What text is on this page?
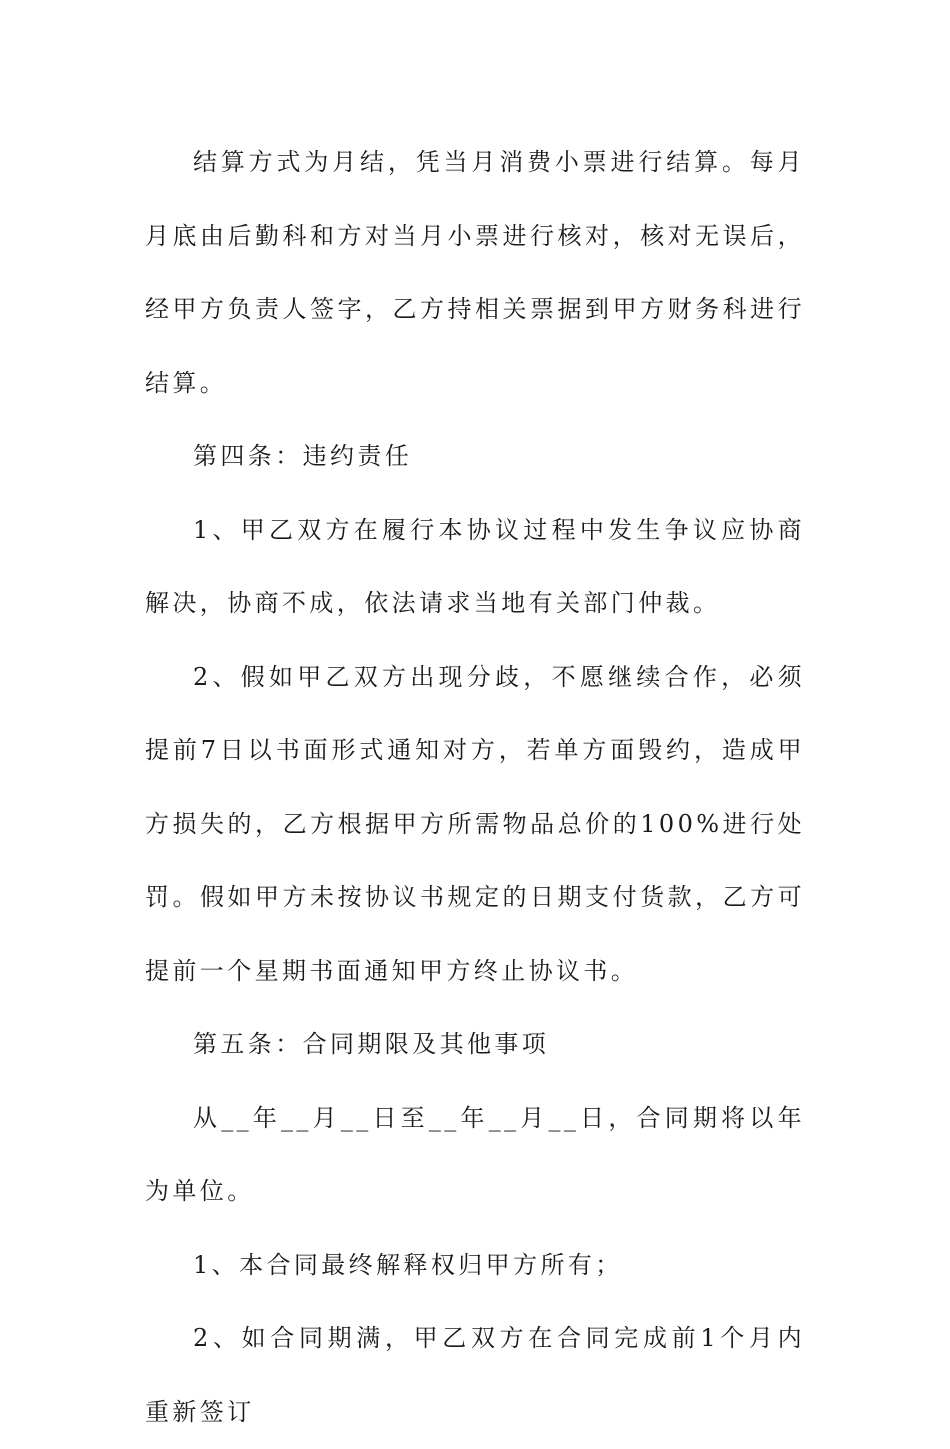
结算方式为月结，凭当月消费小票进行结算。每月月底由后勤科和方对当月小票进行核对，核对无误后，经甲方负责人签字，乙方持相关票据到甲方财务科进行结算。

第四条：违约责任

1、甲乙双方在履行本协议过程中发生争议应协商解决，协商不成，依法请求当地有关部门仲裁。

2、假如甲乙双方出现分歧，不愿继续合作，必须提前7日以书面形式通知对方，若单方面毁约，造成甲方损失的，乙方根据甲方所需物品总价的100%进行处罚。假如甲方未按协议书规定的日期支付货款，乙方可提前一个星期书面通知甲方终止协议书。

第五条：合同期限及其他事项

从__年__月__日至__年__月__日，合同期将以年为单位。

1、本合同最终解释权归甲方所有；

2、如合同期满，甲乙双方在合同完成前1个月内重新签订
